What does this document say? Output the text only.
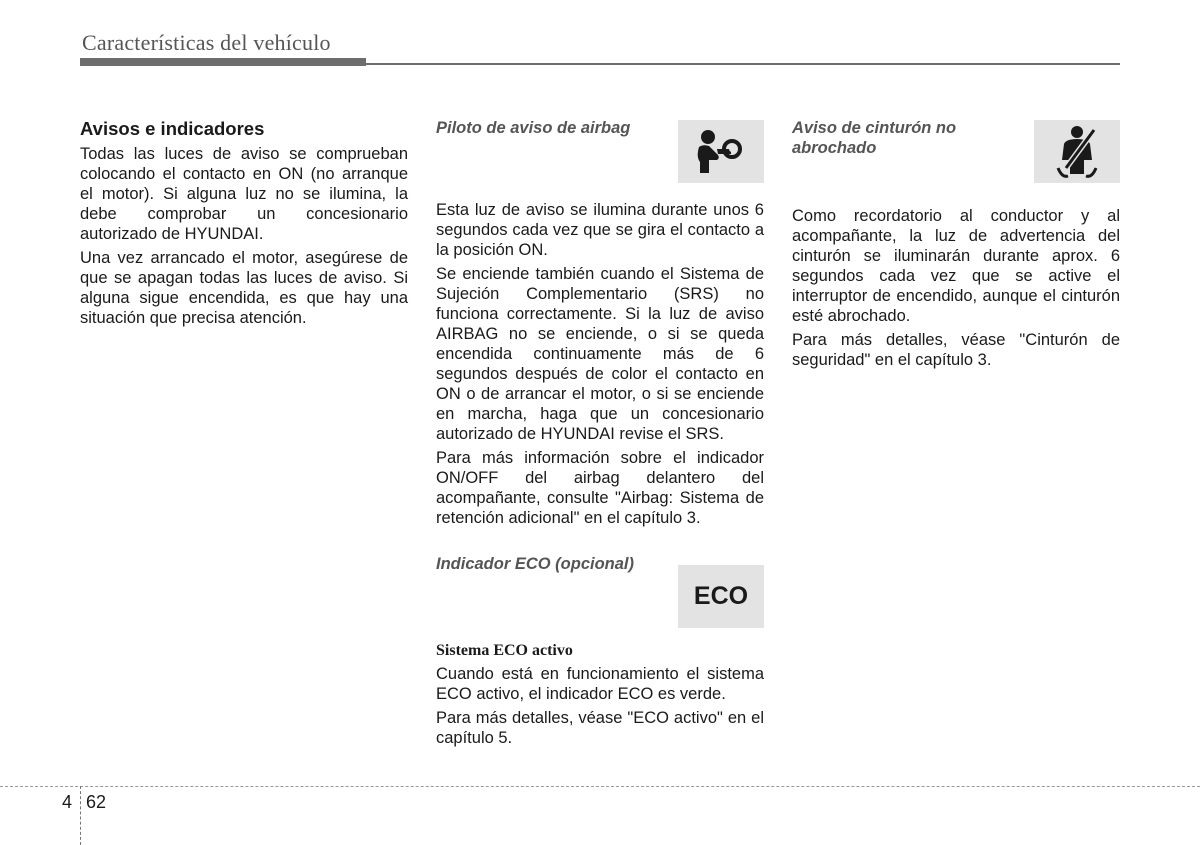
Características del vehículo
Avisos e indicadores

Todas las luces de aviso se comprueban colocando el contacto en ON (no arranque el motor). Si alguna luz no se ilumina, la debe comprobar un concesionario autorizado de HYUNDAI.

Una vez arrancado el motor, asegúrese de que se apagan todas las luces de aviso. Si alguna sigue encendida, es que hay una situación que precisa atención.

Piloto de aviso de airbag

Esta luz de aviso se ilumina durante unos 6 segundos cada vez que se gira el contacto a la posición ON.

Se enciende también cuando el Sistema de Sujeción Complementario (SRS) no funciona correctamente. Si la luz de aviso AIRBAG no se enciende, o si se queda encendida continuamente más de 6 segundos después de color el contacto en ON o de arrancar el motor, o si se enciende en marcha, haga que un concesionario autorizado de HYUNDAI revise el SRS.

Para más información sobre el indicador ON/OFF del airbag delantero del acompañante, consulte "Airbag: Sistema de retención adicional" en el capítulo 3.

Indicador ECO (opcional)
Sistema ECO activo

Cuando está en funcionamiento el sistema ECO activo, el indicador ECO es verde.

Para más detalles, véase "ECO activo" en el capítulo 5.

Aviso de cinturón no abrochado

Como recordatorio al conductor y al acompañante, la luz de advertencia del cinturón se iluminarán durante aprox. 6 segundos cada vez que se active el interruptor de encendido, aunque el cinturón esté abrochado.

Para más detalles, véase "Cinturón de seguridad" en el capítulo 3.

ECO
4 62
